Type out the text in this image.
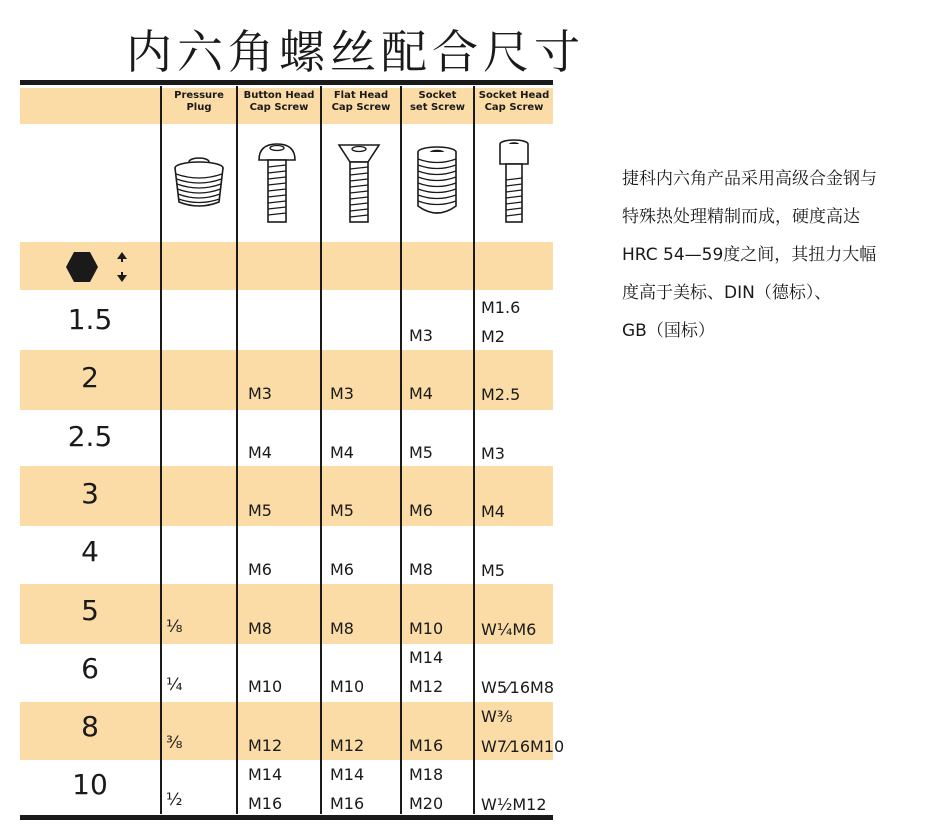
内六角螺丝配合尺寸
Pressure
Plug
Button Head
Cap Screw
Flat Head
Cap Screw
Socket
set Screw
Socket Head
Cap Screw
1.5
2
2.5
3
4
5
6
8
10
⅛
¼
⅜
½
M3
M4
M5
M6
M8
M10
M12
M14
M16
M3
M4
M5
M6
M8
M10
M12
M14
M16
M3
M4
M5
M6
M8
M10
M14
M12
M16
M18
M20
M1.6
M2
M2.5
M3
M4
M5
W¼M6
W5⁄16M8
W⅜
W7⁄16M10
W½M12
捷科内六角产品采用高级合金钢与
特殊热处理精制而成，硬度高达
HRC 54—59度之间，其扭力大幅
度高于美标、DIN（德标）、
GB（国标）
